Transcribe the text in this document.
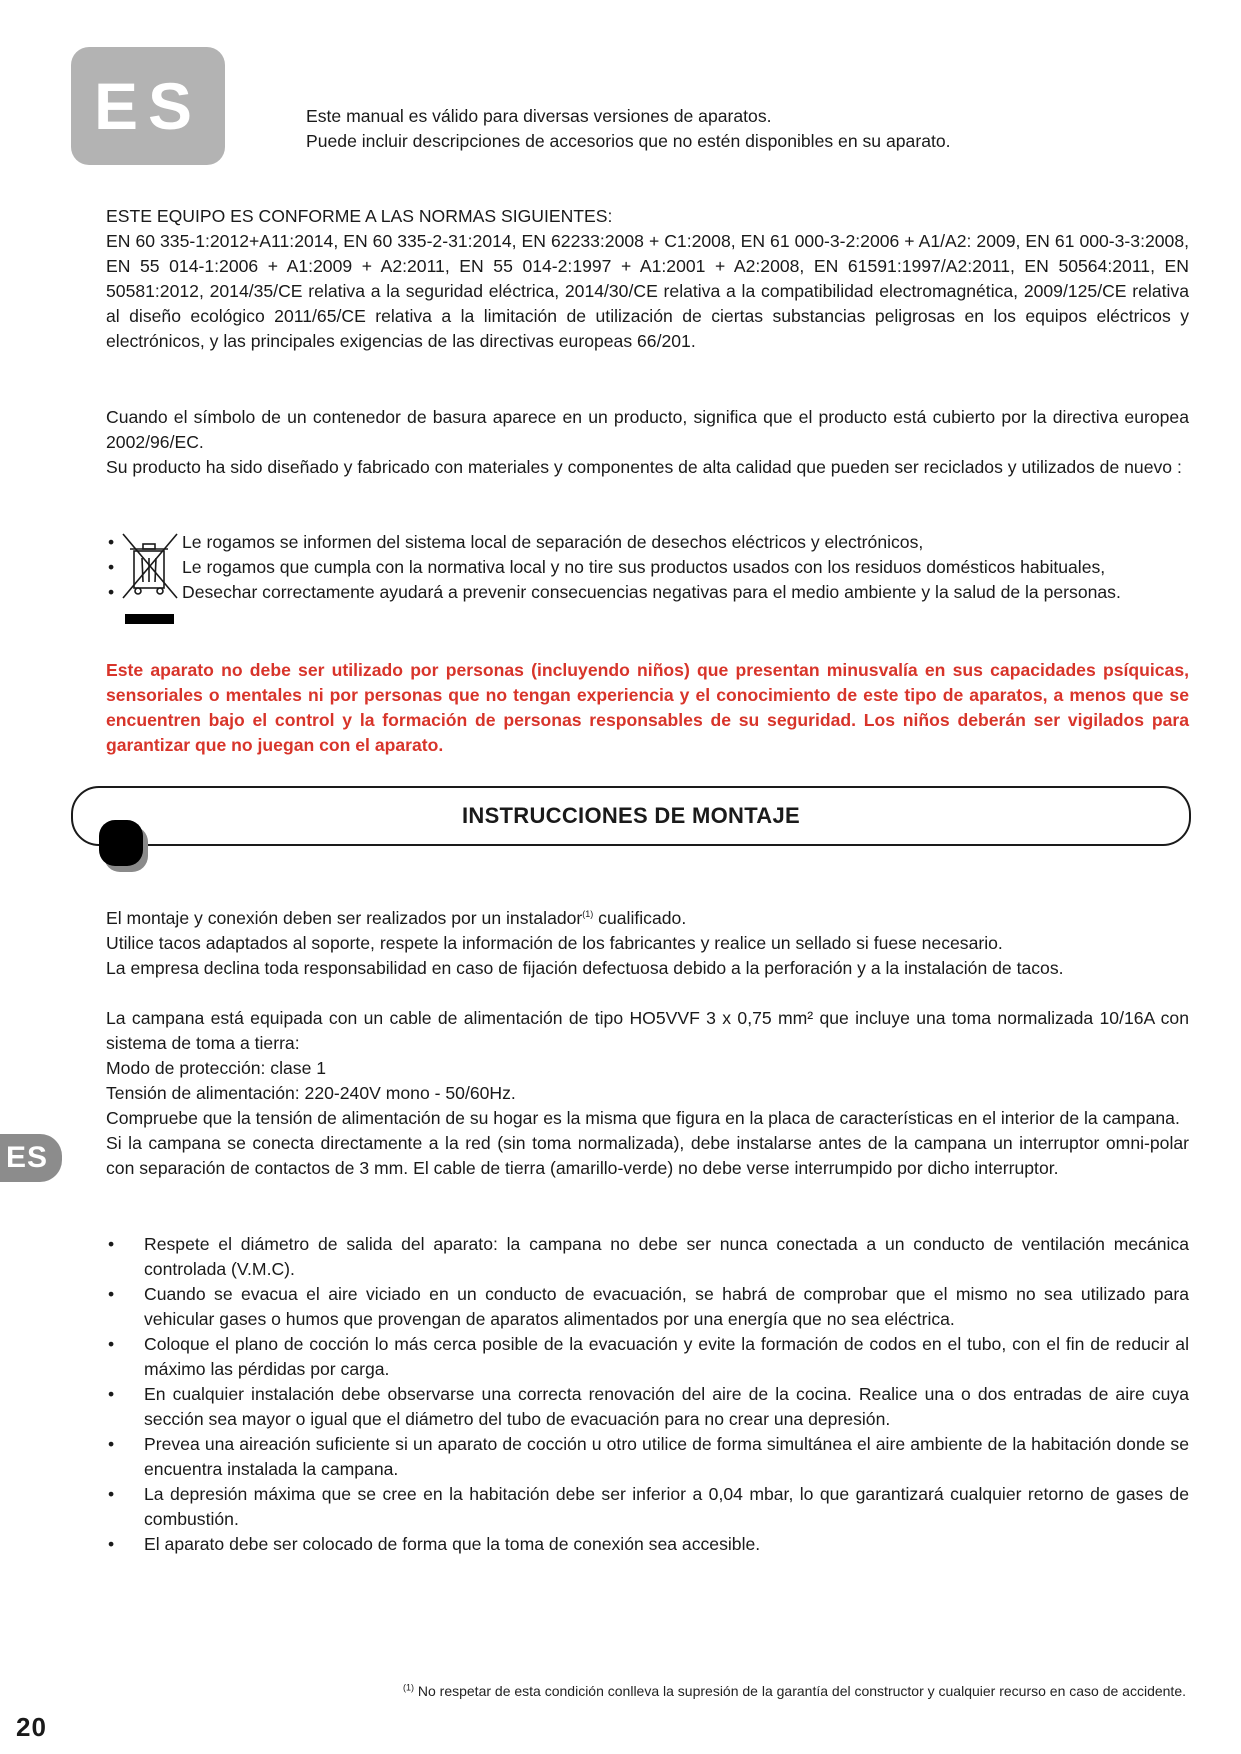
ES	Este manual es válido para diversas versiones de aparatos.
Puede incluir descripciones de accesorios que no estén disponibles en su aparato.

ESTE EQUIPO ES CONFORME A LAS NORMAS SIGUIENTES:

EN 60 335-1:2012+A11:2014, EN 60 335-2-31:2014, EN 62233:2008 + C1:2008, EN 61 000-3-2:2006 + A1/A2: 2009, EN 61 000-3-3:2008, EN 55 014-1:2006 + A1:2009 + A2:2011, EN 55 014-2:1997 + A1:2001 + A2:2008, EN 61591:1997/A2:2011, EN 50564:2011, EN 50581:2012, 2014/35/CE relativa a la seguridad eléctrica, 2014/30/CE relativa a la compatibilidad electromagnética, 2009/125/CE relativa al diseño ecológico 2011/65/CE relativa a la limitación de utilización de ciertas substancias peligrosas en los equipos eléctricos y electrónicos, y las principales exigencias de las directivas europeas 66/201.

Cuando el símbolo de un contenedor de basura aparece en un producto, significa que el producto está cubierto por la directiva europea 2002/96/EC.

Su producto ha sido diseñado y fabricado con materiales y componentes de alta calidad que pueden ser reciclados y utilizados de nuevo :

•	Le rogamos se informen del sistema local de separación de desechos eléctricos y electrónicos,
•	Le rogamos que cumpla con la normativa local y no tire sus productos usados con los residuos domésticos habituales,
•	Desechar correctamente ayudará a prevenir consecuencias negativas para el medio ambiente y la salud de la personas.
Este aparato no debe ser utilizado por personas (incluyendo niños) que presentan minusvalía en sus capacidades psíquicas, sensoriales o mentales ni por personas que no tengan experiencia y el conocimiento de este tipo de aparatos, a menos que se encuentren bajo el control y la formación de personas responsables de su seguridad. Los niños deberán ser vigilados para garantizar que no juegan con el aparato.
INSTRUCCIONES DE MONTAJE

El montaje y conexión deben ser realizados por un instalador$^{(1)}$ cualificado.

Utilice tacos adaptados al soporte, respete la información de los fabricantes y realice un sellado si fuese necesario.

La empresa declina toda responsabilidad en caso de fijación defectuosa debido a la perforación y a la instalación de tacos.

La campana está equipada con un cable de alimentación de tipo HO5VVF 3 x 0,75 mm² que incluye una toma normalizada 10/16A con sistema de toma a tierra:

Modo de protección: clase 1

Tensión de alimentación: 220-240V mono - 50/60Hz.

Compruebe que la tensión de alimentación de su hogar es la misma que figura en la placa de características en el interior de la campana.

Si la campana se conecta directamente a la red (sin toma normalizada), debe instalarse antes de la campana un interruptor omni-polar con separación de contactos de 3 mm. El cable de tierra (amarillo-verde) no debe verse interrumpido por dicho interruptor.

ES
• Respete el diámetro de salida del aparato: la campana no debe ser nunca conectada a un conducto de ventilación mecánica controlada (V.M.C).
• Cuando se evacua el aire viciado en un conducto de evacuación, se habrá de comprobar que el mismo no sea utilizado para vehicular gases o humos que provengan de aparatos alimentados por una energía que no sea eléctrica.
• Coloque el plano de cocción lo más cerca posible de la evacuación y evite la formación de codos en el tubo, con el fin de reducir al máximo las pérdidas por carga.
• En cualquier instalación debe observarse una correcta renovación del aire de la cocina. Realice una o dos entradas de aire cuya sección sea mayor o igual que el diámetro del tubo de evacuación para no crear una depresión.
• Prevea una aireación suficiente si un aparato de cocción u otro utilice de forma simultánea el aire ambiente de la habitación donde se encuentra instalada la campana.
• La depresión máxima que se cree en la habitación debe ser inferior a 0,04 mbar, lo que garantizará cualquier retorno de gases de combustión.
• El aparato debe ser colocado de forma que la toma de conexión sea accesible.
$^{(1)}$ No respetar de esta condición conlleva la supresión de la garantía del constructor y cualquier recurso en caso de accidente.
20
